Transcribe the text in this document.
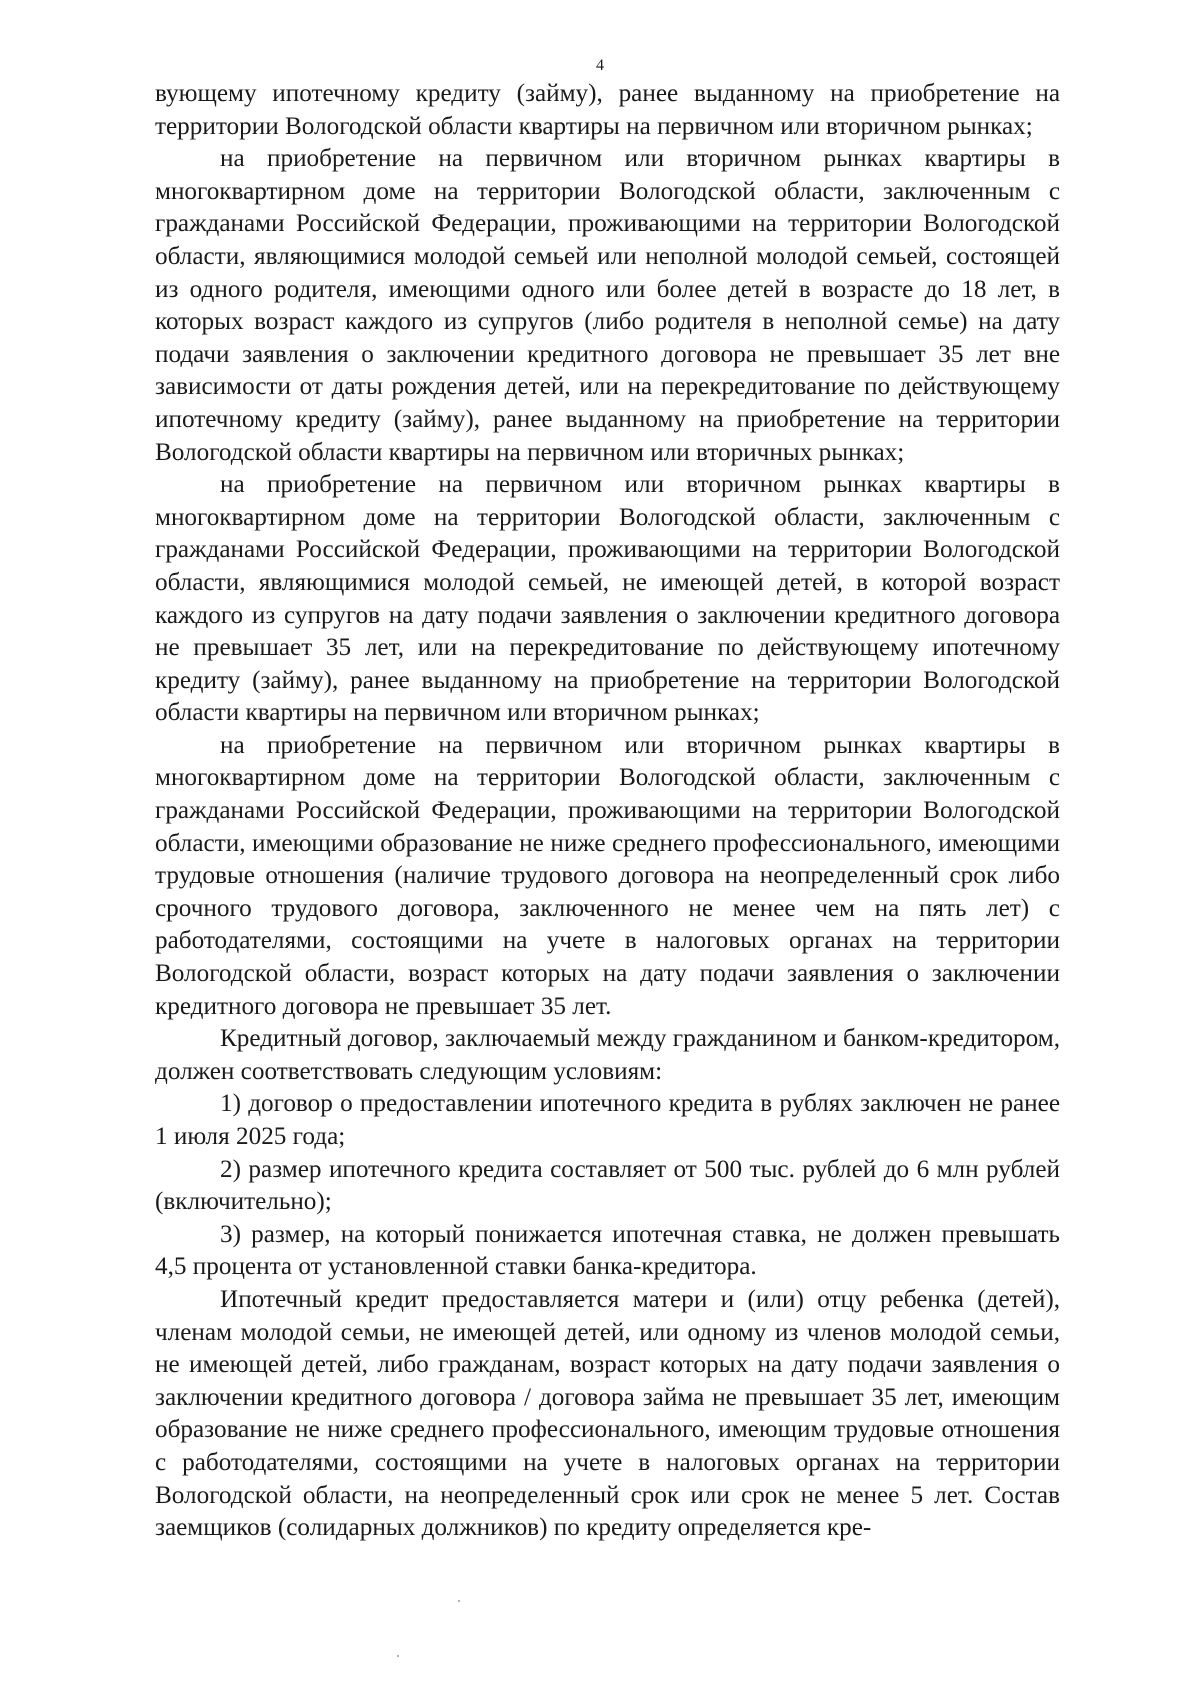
4

вующему ипотечному кредиту (займу), ранее выданному на приобретение на территории Вологодской области квартиры на первичном или вторичном рынках;

на приобретение на первичном или вторичном рынках квартиры в многоквартирном доме на территории Вологодской области, заключенным с гражданами Российской Федерации, проживающими на территории Вологодской области, являющимися молодой семьей или неполной молодой семьей, состоящей из одного родителя, имеющими одного или более детей в возрасте до 18 лет, в которых возраст каждого из супругов (либо родителя в неполной семье) на дату подачи заявления о заключении кредитного договора не превышает 35 лет вне зависимости от даты рождения детей, или на перекредитование по действующему ипотечному кредиту (займу), ранее выданному на приобретение на территории Вологодской области квартиры на первичном или вторичных рынках;

на приобретение на первичном или вторичном рынках квартиры в многоквартирном доме на территории Вологодской области, заключенным с гражданами Российской Федерации, проживающими на территории Вологодской области, являющимися молодой семьей, не имеющей детей, в которой возраст каждого из супругов на дату подачи заявления о заключении кредитного договора не превышает 35 лет, или на перекредитование по действующему ипотечному кредиту (займу), ранее выданному на приобретение на территории Вологодской области квартиры на первичном или вторичном рынках;

на приобретение на первичном или вторичном рынках квартиры в многоквартирном доме на территории Вологодской области, заключенным с гражданами Российской Федерации, проживающими на территории Вологодской области, имеющими образование не ниже среднего профессионального, имеющими трудовые отношения (наличие трудового договора на неопределенный срок либо срочного трудового договора, заключенного не менее чем на пять лет) с работодателями, состоящими на учете в налоговых органах на территории Вологодской области, возраст которых на дату подачи заявления о заключении кредитного договора не превышает 35 лет.

Кредитный договор, заключаемый между гражданином и банком-кредитором, должен соответствовать следующим условиям:

1) договор о предоставлении ипотечного кредита в рублях заключен не ранее 1 июля 2025 года;

2) размер ипотечного кредита составляет от 500 тыс. рублей до 6 млн рублей (включительно);

3) размер, на который понижается ипотечная ставка, не должен превышать 4,5 процента от установленной ставки банка-кредитора.

Ипотечный кредит предоставляется матери и (или) отцу ребенка (детей), членам молодой семьи, не имеющей детей, или одному из членов молодой семьи, не имеющей детей, либо гражданам, возраст которых на дату подачи заявления о заключении кредитного договора / договора займа не превышает 35 лет, имеющим образование не ниже среднего профессионального, имеющим трудовые отношения с работодателями, состоящими на учете в налоговых органах на территории Вологодской области, на неопределенный срок или срок не менее 5 лет. Состав заемщиков (солидарных должников) по кредиту определяется кре-
